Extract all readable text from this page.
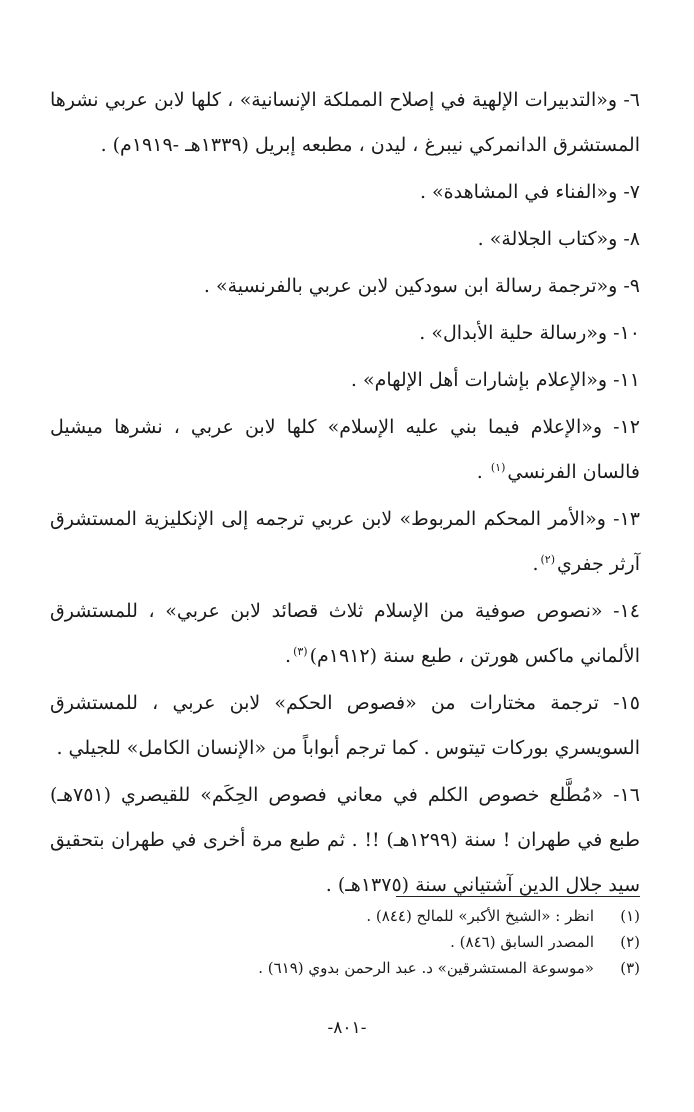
٦- و«التدبيرات الإلهية في إصلاح المملكة الإنسانية» ، كلها لابن عربي نشرها المستشرق الدانمركي نيبرغ ، ليدن ، مطبعه إبريل (١٣٣٩هـ -١٩١٩م) .
٧- و«الفناء في المشاهدة» .
٨- و«كتاب الجلالة» .
٩- و«ترجمة رسالة ابن سودكين لابن عربي بالفرنسية» .
١٠- و«رسالة حلية الأبدال» .
١١- و«الإعلام بإشارات أهل الإلهام» .
١٢- و«الإعلام فيما بني عليه الإسلام» كلها لابن عربي ، نشرها ميشيل فالسان الفرنسي$^{(١)}$ .
١٣- و«الأمر المحكم المربوط» لابن عربي ترجمه إلى الإنكليزية المستشرق آرثر جفري$^{(٢)}$.
١٤- «نصوص صوفية من الإسلام ثلاث قصائد لابن عربي» ، للمستشرق الألماني ماكس هورتن ، طبع سنة (١٩١٢م)$^{(٣)}$.
١٥- ترجمة مختارات من «فصوص الحكم» لابن عربي ، للمستشرق السويسري بوركات تيتوس . كما ترجم أبواباً من «الإنسان الكامل» للجيلي .
١٦- «مُطَّلع خصوص الكلم في معاني فصوص الحِكَم» للقيصري (٧٥١هـ) طبع في طهران ! سنة (١٢٩٩هـ) !! . ثم طبع مرة أخرى في طهران بتحقيق سيد جلال الدين آشتياني سنة (١٣٧٥هـ) .
(١)انظر : «الشيخ الأكبر» للمالح (٨٤٤) .
(٢)المصدر السابق (٨٤٦) .
(٣)«موسوعة المستشرقين» د. عبد الرحمن بدوي (٦١٩) .
-٨٠١-
